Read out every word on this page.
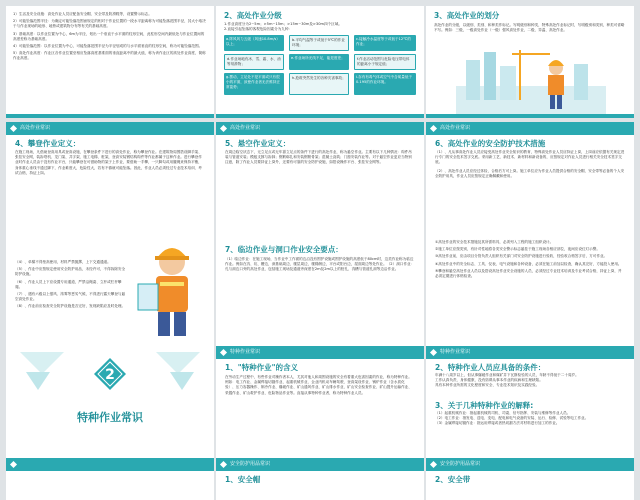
1）生活及安全设施：高处作业人员应配备安全帽、安全带及防滑鞋等，设置警示标志。

2）可能坠落范围半径：为确定可能坠落范围而规定的相对于作业位置的一段水平距离称为可能坠落范围半径，其大小取决于与作业现场的地形、地势或建筑物分布等有关的基础高度。

3）基础高度：以作业位置为中心，6m为半径，划出一个垂直于水平面的柱形空间，此柱形空间内最低处与作业位置间的高度差称为基础高度。

4）可能坠落范围：以作业位置为中心，可能坠落范围半径为半径划成的与水平面垂直的柱形空间，称为可能坠落范围。

5）高处作业高度：作业区各作业位置至相应坠落高度基准面的垂直距离中的最大值，称为该作业区的高处作业高度，简称作业高度。

2、高处作业分级

1.作业高度分为2~5m；>5m~15m；>15m~30m及>30m四个区域。

2.直接引起坠落的客观危险因素分为九种：

a.阵风风力五级（风速10.8m/s）以上；
b.平均气温等于或低于5℃的作业环境；
c.接触冷水温度等于或低于12℃的作业；
d.作业场地有冰、雪、霜、水、油等易滑物；
e.作业场所光线不足，能见度差；	f.作业活动范围与危险电压带电体的距离小于规定值；
g.摆动，立足处不是平面或只有很小的平面，致使作业者无法维持正常姿势；
h.抢救突然发生的各种灾害事故；	i.存有有毒气体或空气中含氧量低于0.195的作业环境。
3、高处作业的划分
高处作业的分级，以级别、类别、和种类作标记。写明级别和种类，特殊高处作业标记时，写明级别和类别，种类可省略不写。例如：三级，一级高处作业（一级）强风高处作业，二级、异温、高处作业。
高处作业常识
4、攀登作业定义：
在施工现场，凡借助登高用具或登高设施，在攀登条件下进行的高处作业，称为攀登作业。在建筑物周围搭设脚手架、张挂安全网，装拆塔机、龙门架、井字架、施工电梯、桩架，登高安装钢结构构件等作业都属于这种作业。进行攀登作业时作业人员由于没有作业平台，只能攀登在可借助物的架子上作业，要借助一手攀，一只脚勾或用腰绳来保持平衡，身体重心垂线不通过脚下，作业难度大，危险性大，若有不慎就可能坠落。因此，作业人员必须经过专业技术培训、考试合格，持证上岗。
高处作业常识
5、悬空作业定义：
在周边临空状态下，无立足点或无牢靠立足点的条件下进行的高处作业，称为悬空作业。主要有以下几种情况：构件吊装与管道安装；模板支撑与拆卸；钢筋绑扎和安装钢筋骨架；混凝土浇筑；门窗安装作业等。对于悬空作业更应当特别注意，除了作业人员要持证上岗外，还要有可靠的安全防护设施，如搭设操作平台、张挂安全网等。
高处作业常识
6、高处作业的安全防护技术措施

（1）、凡从事高处作业人员应接受高处作业安全知识的教育，特殊高处作业人员应持证上岗，上岗前应依据有关规定进行专门的安全技术签字交底。采用新工艺、新技术、新材料和新设备的，应按规定对作业人员进行相关安全技术签字交底。

（2）、高处作业人员应经过体检，合格后方可上岗。施工单位应为作业人员提供合格的安全帽、安全带等必备的个人安全防护用具，作业人员应按规定正确佩戴和使用。

（4）、单梯不得垫高使用，材料严禁抛掷，上下交通通道。

（5）、作业中应按规定使用安全防护用品，未经许可，不得拆除安全防护设施。

（6）、作业人员上下应设置专用通道，严禁沿绳索、立杆或栏杆攀爬。

（7）、遇有六级以上强风、浓雾等恶劣气候，不得进行露天攀登与悬空高处作业。

（8）、作业前应检查安全防护设施是否完好，发现缺陷应及时处理。

7、临边作业与洞口作业安全要点：
（1）临边作业：在施工现场，当作业中工作面的边沿没有围护设施或围护设施的高度低于80cm时，这类作业称为临边作业。例如在沟、坑、槽边，深基础周边，楼层周边，楼梯侧边，平台或阳台边，屋面周边等处作业。（2）洞口作业：孔与洞边口旁的高处作业，包括施工现场及通道旁深度在2m及2m以上的桩孔、沟槽与管道孔洞等边沿作业。

①高处作业的安全技术措施及其所需料具，必须列入工程的施工组织设计。

②施工单位应按类别，有针对性地将各类安全警示标志悬挂于施工现场各相应部位，夜间应设红灯示警。

③高处作业前，应由项目分管负责人组织有关部门对安全防护设施进行验收，经验收合格签字后，方可作业。

④高处作业中的安全标志、工具、仪表、电气设施和各种设备，必须在施工前加以检查，确认其完好，方能投入使用。

⑤攀登和悬空高处作业人员以及搭设高处作业安全设施的人员，必须经过专业技术培训及专业考试合格，持证上岗，并必须定期进行体格检查。

2
特种作业常识
特种作业常识
1、"特种作业"的含义
在劳动生产过程中，有些作业对操作者本人，尤其对他人和周围设施的安全有着重大危害因素的作业，称为特种作业。例如：电工作业、金属焊接切割作业、起重机械作业、企业内机动车辆驾驶、登高架设作业、锅炉作业（含水质化验）、压力容器操作、制冷作业、爆破作业、矿山通风作业、矿山排水作业、矿山安全检查作业、矿山提升运输作业、采掘作业、矿山救护作业、危险物品作业等。直接从事特种作业者，称为特种作业人员。
特种作业常识
2、特种作业人员应具备的条件：

年满十八周岁以上，但从事爆破作业和煤矿井下瓦斯检验的人员，年龄不得低于二十周岁。

工作认真负责，身体健康，没有妨碍从事本作业的疾病和生理缺陷。

具有本种作业所需的文化程度和安全、专业技术知识及实践经验。

3、关于几种特种作业的解释:

（1）起重机械作业：指起重机械的司机、司索、信号指挥、安装与维修等作业人员。

（2）电工作业：指发电、送电、变电、配电和电气设备的安装、运行、检修、试验等电工作业。

（3）金属焊接切割作业：指运用焊接或者热切割方法对材料进行加工的作业。

安全防护用品常识
1、安全帽
安全防护用品常识
2、安全带
